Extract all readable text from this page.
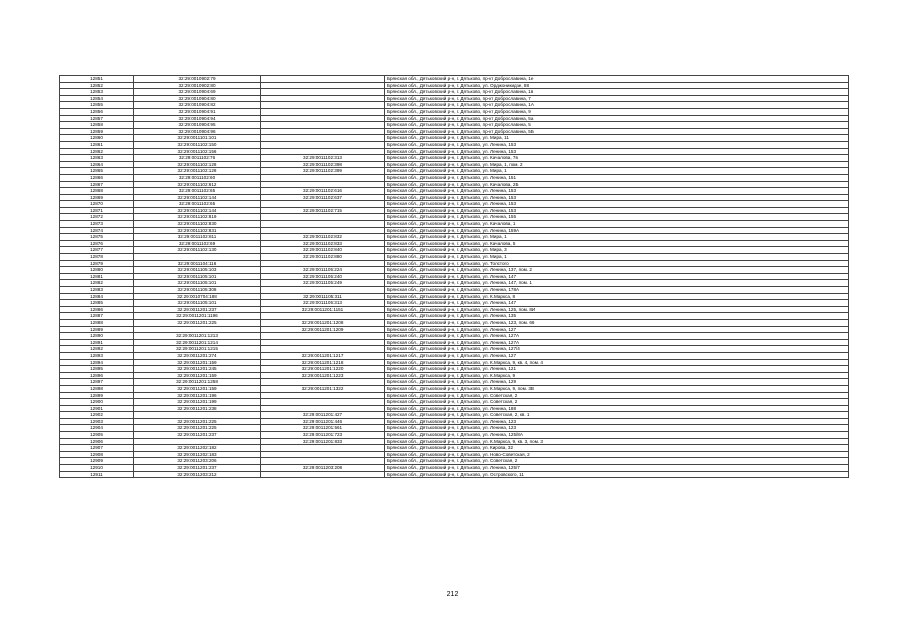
12851	32:29:0010902:79		Брянская обл., Дятьковский р-н, г. Дятьково, пр-кт Доброславина, 1е
12852	32:29:0010902:80		Брянская обл., Дятьковский р-н, г. Дятьково, ул. Орджоникидзе, 88
12853	32:29:0010904:69		Брянская обл., Дятьковский р-н, г. Дятьково, пр-кт Доброславина, 1в
12854	32:29:0010904:80		Брянская обл., Дятьковский р-н, г. Дятьково, пр-кт Доброславина, 7
12855	32:29:0010904:82		Брянская обл., Дятьковский р-н, г. Дятьково, пр-кт Доброславина, 1А
12856	32:29:0010904:91		Брянская обл., Дятьковский р-н, г. Дятьково, пр-кт Доброславина, 9
12857	32:29:0010904:94		Брянская обл., Дятьковский р-н, г. Дятьково, пр-кт Доброславина, 5а
12858	32:29:0010904:95		Брянская обл., Дятьковский р-н, г. Дятьково, пр-кт Доброславина, 5
12859	32:29:0010904:96		Брянская обл., Дятьковский р-н, г. Дятьково, пр-кт Доброславина, 5Б
12860	32:29:0011101:101		Брянская обл., Дятьковский р-н, г. Дятьково, ул. Мира, 11
12861	32:29:0011102:150		Брянская обл., Дятьковский р-н, г. Дятьково, ул. Ленина, 153
12862	32:29:0011102:156		Брянская обл., Дятьковский р-н, г. Дятьково, ул. Ленина, 153
12863	32:29:0011102:76	32:29:0011102:313	Брянская обл., Дятьковский р-н, г. Дятьково, ул. Качалова, 7в
12864	32:29:0011102:128	32:29:0011102:398	Брянская обл., Дятьковский р-н, г. Дятьково, ул. Мира, 1, пом. 2
12865	32:29:0011102:128	32:29:0011102:399	Брянская обл., Дятьковский р-н, г. Дятьково, ул. Мира, 1
12866	32:29:0011102:60		Брянская обл., Дятьковский р-н, г. Дятьково, ул. Ленина, 151
12867	32:29:0011102:612		Брянская обл., Дятьковский р-н, г. Дятьково, ул. Качалова, 2Б
12868	32:29:0011102:65	32:29:0011102:616	Брянская обл., Дятьковский р-н, г. Дятьково, ул. Ленина, 153
12869	32:29:0011102:144	32:29:0011102:637	Брянская обл., Дятьковский р-н, г. Дятьково, ул. Ленина, 153
12870	32:29:0011102:65		Брянская обл., Дятьковский р-н, г. Дятьково, ул. Ленина, 153
12871	32:29:0011102:144	32:29:0011102:715	Брянская обл., Дятьковский р-н, г. Дятьково, ул. Ленина, 153
12872	32:29:0011102:819		Брянская обл., Дятьковский р-н, г. Дятьково, ул. Ленина, 155
12873	32:29:0011102:830		Брянская обл., Дятьковский р-н, г. Дятьково, ул. Качалова, 1
12874	32:29:0011102:831		Брянская обл., Дятьковский р-н, г. Дятьково, ул. Ленина, 159А
12875	32:29:0011102:811	32:29:0011102:832	Брянская обл., Дятьковский р-н, г. Дятьково, ул. Мира, 1
12876	32:29:0011102:69	32:29:0011102:833	Брянская обл., Дятьковский р-н, г. Дятьково, ул. Качалова, 5
12877	32:29:0011102:130	32:29:0011102:840	Брянская обл., Дятьковский р-н, г. Дятьково, ул. Мира, 3
12878		32:29:0011102:880	Брянская обл., Дятьковский р-н, г. Дятьково, ул. Мира, 1
12879	32:29:0011104:116		Брянская обл., Дятьковский р-н, г. Дятьково, ул. Толстого
12880	32:29:0011105:103	32:29:0011105:224	Брянская обл., Дятьковский р-н, г. Дятьково, ул. Ленина, 137, пом. 2
12881	32:29:0011105:101	32:29:0011105:240	Брянская обл., Дятьковский р-н, г. Дятьково, ул. Ленина, 147
12882	32:29:0011105:101	32:29:0011105:249	Брянская обл., Дятьковский р-н, г. Дятьково, ул. Ленина, 147, пом. 1
12883	32:29:0011105:308		Брянская обл., Дятьковский р-н, г. Дятьково, ул. Ленина, 178А
12884	32:29:0010704:188	32:29:0011105:311	Брянская обл., Дятьковский р-н, г. Дятьково, ул. К.Маркса, 8
12885	32:29:0011105:101	32:29:0011105:313	Брянская обл., Дятьковский р-н, г. Дятьково, ул. Ленина, 147
12886	32:29:0011201:237	32:29:0011201:1151	Брянская обл., Дятьковский р-н, г. Дятьково, ул. Ленина, 125, пом. 8И
12887	32:29:0011201:1196		Брянская обл., Дятьковский р-н, г. Дятьково, ул. Ленина, 135
12888	32:29:0011201:225	32:29:0011201:1208	Брянская обл., Дятьковский р-н, г. Дятьково, ул. Ленина, 123, пом. 66
12889		32:29:0011201:1209	Брянская обл., Дятьковский р-н, г. Дятьково, ул. Ленина, 127
12890	32:29:0011201:1213		Брянская обл., Дятьковский р-н, г. Дятьково, ул. Ленина, 127А
12891	32:29:0011201:1214		Брянская обл., Дятьковский р-н, г. Дятьково, ул. Ленина, 127А
12892	32:29:0011201:1215		Брянская обл., Дятьковский р-н, г. Дятьково, ул. Ленина, 127/4
12893	32:29:0011201:274	32:29:0011201:1217	Брянская обл., Дятьковский р-н, г. Дятьково, ул. Ленина, 127
12894	32:29:0011201:159	32:29:0011201:1218	Брянская обл., Дятьковский р-н, г. Дятьково, ул. К.Маркса, 9, кв. 4, пом. 4
12895	32:29:0011201:245	32:29:0011201:1220	Брянская обл., Дятьковский р-н, г. Дятьково, ул. Ленина, 121
12896	32:29:0011201:159	32:29:0011201:1223	Брянская обл., Дятьковский р-н, г. Дятьково, ул. К.Маркса, 9
12897	32:29:0011201:1258		Брянская обл., Дятьковский р-н, г. Дятьково, ул. Ленина, 129
12898	32:29:0011201:159	32:29:0011201:1322	Брянская обл., Дятьковский р-н, г. Дятьково, ул. К.Маркса, 9, пом. 3В
12899	32:29:0011201:196		Брянская обл., Дятьковский р-н, г. Дятьково, ул. Советская, 2
12900	32:29:0011201:199		Брянская обл., Дятьковский р-н, г. Дятьково, ул. Советская, 2
12901	32:29:0011201:238		Брянская обл., Дятьковский р-н, г. Дятьково, ул. Ленина, 188
12902		32:29:0011201:427	Брянская обл., Дятьковский р-н, г. Дятьково, ул. Советская, 2, кв. 1
12903	32:29:0011201:225	32:29:0011201:446	Брянская обл., Дятьковский р-н, г. Дятьково, ул. Ленина, 123
12904	32:29:0011201:225	32:29:0011201:561	Брянская обл., Дятьковский р-н, г. Дятьково, ул. Ленина, 123
12905	32:29:0011201:237	32:29:0011201:723	Брянская обл., Дятьковский р-н, г. Дятьково, ул. Ленина, 125/8А
12906		32:29:0011201:833	Брянская обл., Дятьковский р-н, г. Дятьково, ул. К.Маркса, 9, кв. 3, пом. 3
12907	32:29:0011202:182		Брянская обл., Дятьковский р-н, г. Дятьково, ул. Кирова, 32
12908	32:29:0011202:183		Брянская обл., Дятьковский р-н, г. Дятьково, ул. Ново-Советская, 2
12909	32:29:0011203:206		Брянская обл., Дятьковский р-н, г. Дятьково, ул. Советская, 2
12910	32:29:0011201:237	32:29:0011203:208	Брянская обл., Дятьковский р-н, г. Дятьково, ул. Ленина, 125/7
12911	32:29:0011203:212		Брянская обл., Дятьковский р-н, г. Дятьково, ул. Островского, 11
212
